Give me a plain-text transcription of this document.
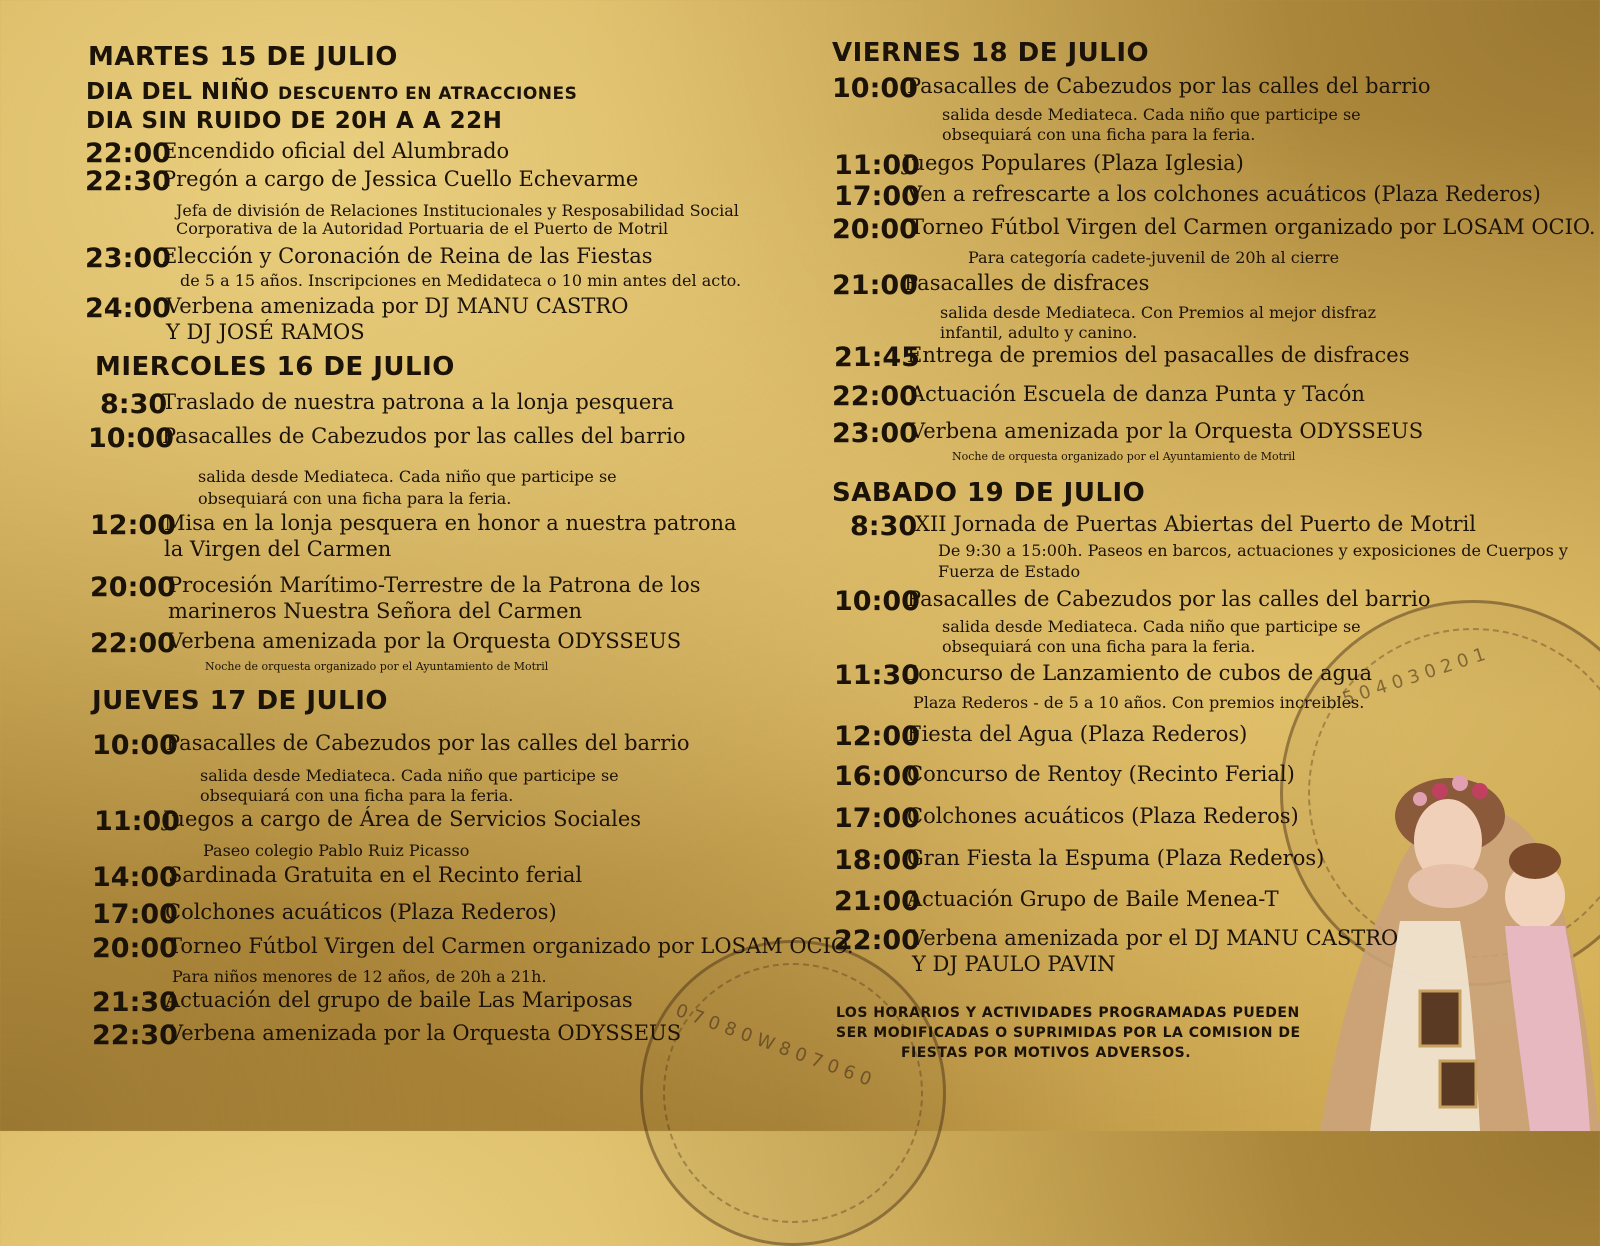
0 7 0 8 0 W 8 0 7 0 6 0
5 0 4 0 3 0 2 0 1
MARTES 15 DE JULIO
DIA DEL NIÑO DESCUENTO EN ATRACCIONES
DIA SIN RUIDO DE 20H A A 22H
22:00
Encendido oficial del Alumbrado
22:30
Pregón a cargo de Jessica Cuello Echevarme
Jefa de división de Relaciones Institucionales y Resposabilidad Social
Corporativa de la Autoridad Portuaria de el Puerto de Motril
23:00
Elección y Coronación de Reina de las Fiestas
de 5 a 15 años. Inscripciones en Medidateca o 10 min antes del acto.
24:00
Verbena amenizada por DJ MANU CASTRO
Y DJ JOSÉ RAMOS
MIERCOLES 16 DE JULIO
8:30
Traslado de nuestra patrona a la lonja pesquera
10:00
Pasacalles de Cabezudos por las calles del barrio
salida desde Mediateca. Cada niño que participe se
obsequiará con una ficha para la feria.
12:00
Misa en la lonja pesquera en honor a nuestra patrona
la Virgen del Carmen
20:00
Procesión Marítimo-Terrestre de la Patrona de los
marineros Nuestra Señora del Carmen
22:00
Verbena amenizada por la Orquesta ODYSSEUS
Noche de orquesta organizado por el Ayuntamiento de Motril
JUEVES 17 DE JULIO
10:00
Pasacalles de Cabezudos por las calles del barrio
salida desde Mediateca. Cada niño que participe se
obsequiará con una ficha para la feria.
11:00
Juegos a cargo de Área de Servicios Sociales
Paseo colegio Pablo Ruiz Picasso
14:00
Sardinada Gratuita en el Recinto ferial
17:00
Colchones acuáticos (Plaza Rederos)
20:00
Torneo Fútbol Virgen del Carmen organizado por LOSAM OCIO.
Para niños menores de 12 años, de 20h a 21h.
21:30
Actuación del grupo de baile Las Mariposas
22:30
Verbena amenizada por la Orquesta ODYSSEUS
VIERNES 18 DE JULIO
10:00
Pasacalles de Cabezudos por las calles del barrio
salida desde Mediateca. Cada niño que participe se
obsequiará con una ficha para la feria.
11:00
Juegos Populares (Plaza Iglesia)
17:00
Ven a refrescarte a los colchones acuáticos (Plaza Rederos)
20:00
Torneo Fútbol Virgen del Carmen organizado por LOSAM OCIO.
Para categoría cadete-juvenil de 20h al cierre
21:00
Pasacalles de disfraces
salida desde Mediateca. Con Premios al mejor disfraz
infantil, adulto y canino.
21:45
Entrega de premios del pasacalles de disfraces
22:00
Actuación Escuela de danza Punta y Tacón
23:00
Verbena amenizada por la Orquesta ODYSSEUS
Noche de orquesta organizado por el Ayuntamiento de Motril
SABADO 19 DE JULIO
8:30
XII Jornada de Puertas Abiertas del Puerto de Motril
De 9:30 a 15:00h. Paseos en barcos, actuaciones y exposiciones de Cuerpos y
Fuerza de Estado
10:00
Pasacalles de Cabezudos por las calles del barrio
salida desde Mediateca. Cada niño que participe se
obsequiará con una ficha para la feria.
11:30
Concurso de Lanzamiento de cubos de agua
Plaza Rederos - de 5 a 10 años. Con premios increibles.
12:00
Fiesta del Agua (Plaza Rederos)
16:00
Concurso de Rentoy (Recinto Ferial)
17:00
Colchones acuáticos (Plaza Rederos)
18:00
Gran Fiesta la Espuma (Plaza Rederos)
21:00
Actuación Grupo de Baile Menea-T
22:00
Verbena amenizada por el DJ MANU CASTRO
Y DJ PAULO PAVIN
LOS HORARIOS Y ACTIVIDADES PROGRAMADAS PUEDEN
SER MODIFICADAS O SUPRIMIDAS POR LA COMISION DE
FIESTAS POR MOTIVOS ADVERSOS.
